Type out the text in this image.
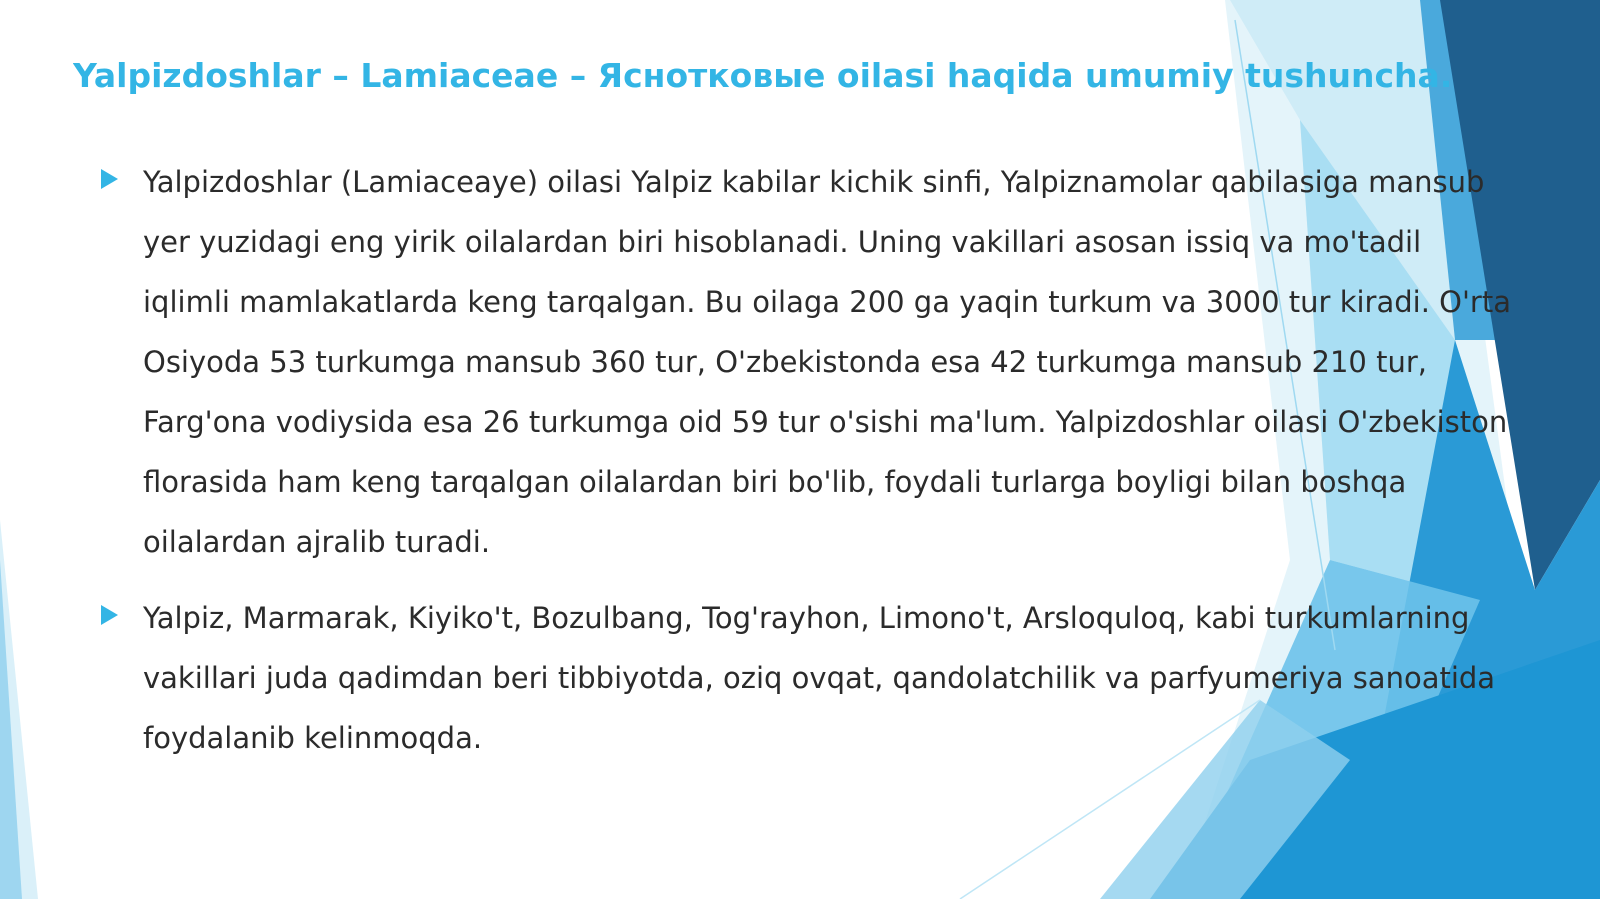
Yalpizdoshlar – Lamiaceae – Яснотковые oilasi haqida umumiy tushuncha.
Yalpizdoshlar (Lamiaceaye) oilasi Yalpiz kabilar kichik sinfi, Yalpiznamolar qabilasiga mansub yer yuzidagi eng yirik oilalardan biri hisoblanadi. Uning vakillari asosan issiq va mo'tadil iqlimli mamlakatlarda keng tarqalgan. Bu oilaga 200 ga yaqin turkum va 3000 tur kiradi. O'rta Osiyoda 53 turkumga mansub 360 tur, O'zbekistonda esa 42 turkumga mansub 210 tur, Farg'ona vodiysida esa 26 turkumga oid 59 tur o'sishi ma'lum. Yalpizdoshlar oilasi O'zbekiston florasida ham keng tarqalgan oilalardan biri bo'lib, foydali turlarga boyligi bilan boshqa oilalardan ajralib turadi.
Yalpiz, Marmarak, Kiyiko't, Bozulbang, Tog'rayhon, Limono't, Arsloquloq, kabi turkumlarning vakillari juda qadimdan beri tibbiyotda, oziq ovqat, qandolatchilik va parfyumeriya sanoatida foydalanib kelinmoqda.
